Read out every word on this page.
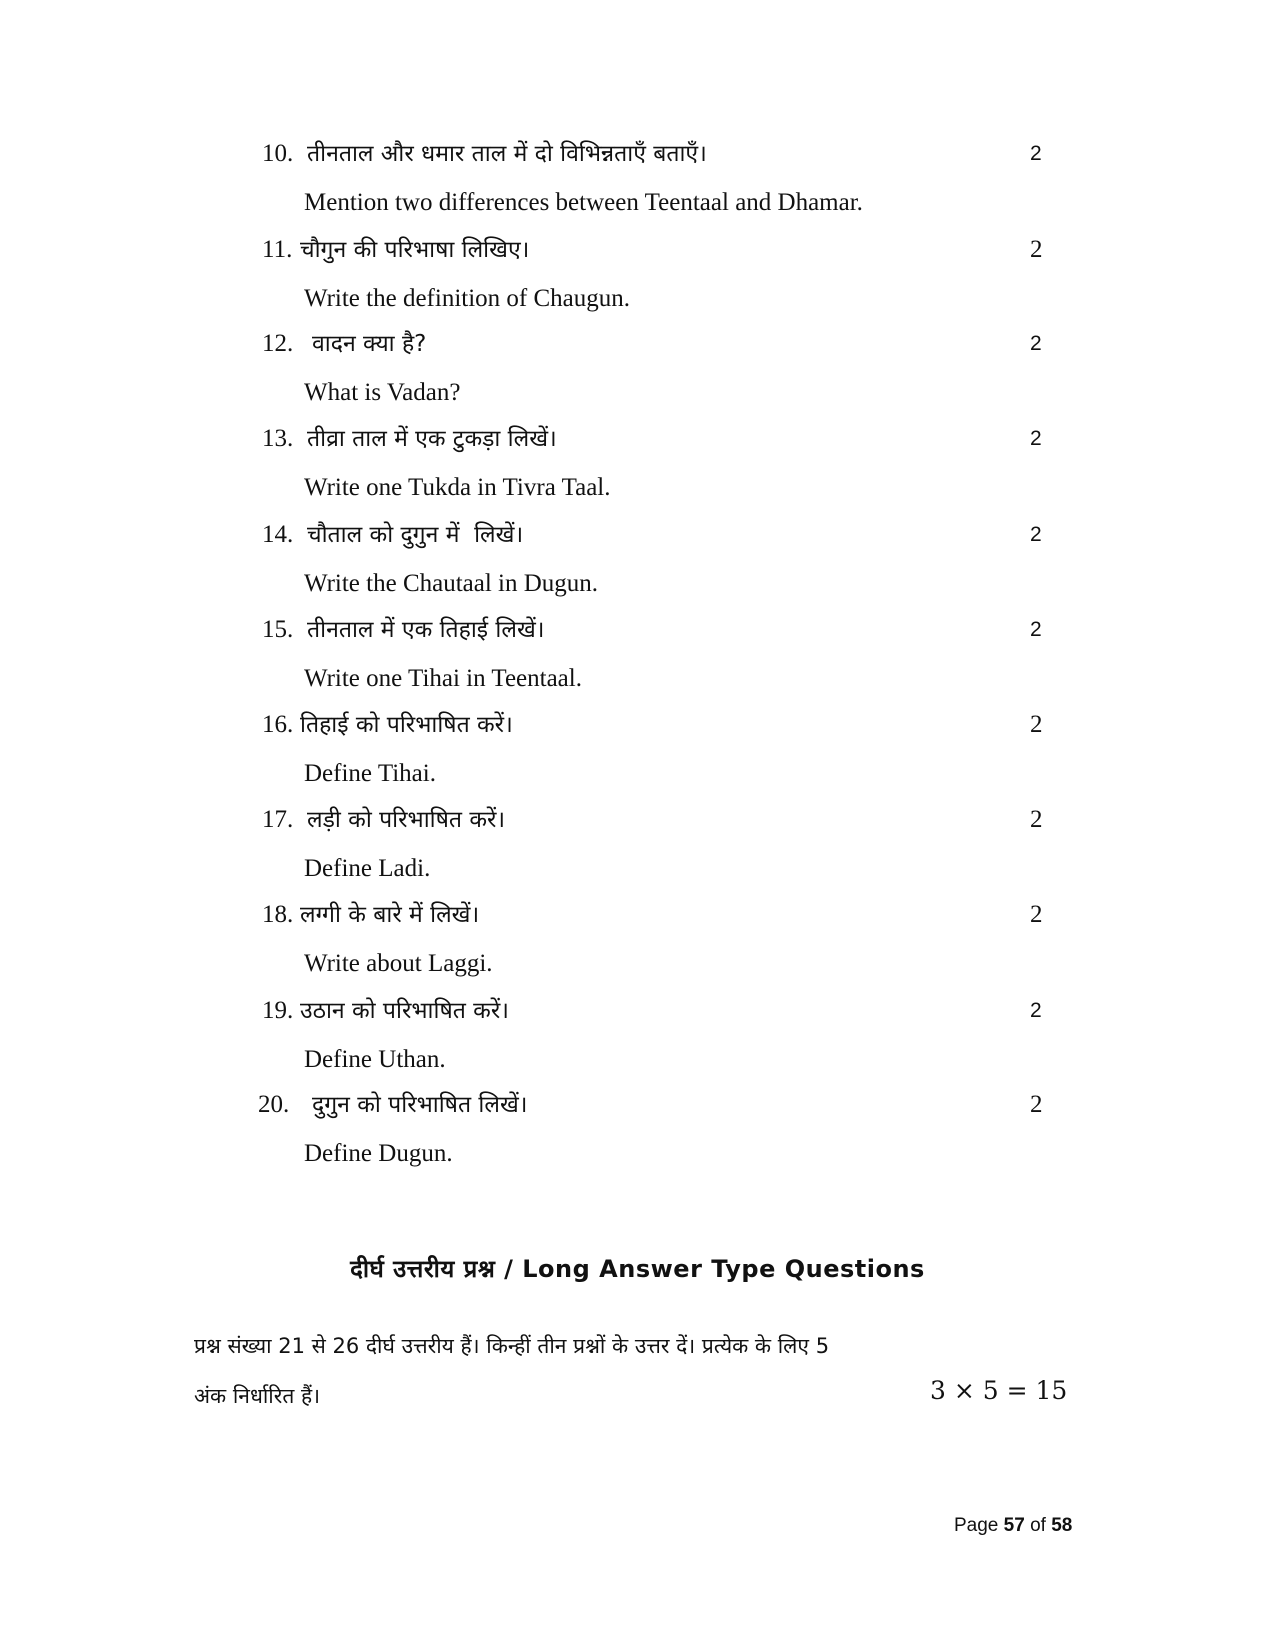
10. तीनताल और धमार ताल में दो विभिन्नताएँ बताएँ।	2
Mention two differences between Teentaal and Dhamar.
11. चौगुन की परिभाषा लिखिए।	2
Write the definition of Chaugun.
12. वादन क्या है?	2
What is Vadan?
13. तीव्रा ताल में एक टुकड़ा लिखें।	2
Write one Tukda in Tivra Taal.
14. चौताल को दुगुन में  लिखें।	2
Write the Chautaal in Dugun.
15. तीनताल में एक तिहाई लिखें।	2
Write one Tihai in Teentaal.
16. तिहाई को परिभाषित करें।	2
Define Tihai.
17. लड़ी को परिभाषित करें।	2
Define Ladi.
18. लग्गी के बारे में लिखें।	2
Write about Laggi.
19. उठान को परिभाषित करें।	2
Define Uthan.
20. दुगुन को परिभाषित लिखें।	2
Define Dugun.
दीर्घ उत्तरीय प्रश्न / Long Answer Type Questions
प्रश्न संख्या 21 से 26 दीर्घ उत्तरीय हैं। किन्हीं तीन प्रश्नों के उत्तर दें। प्रत्येक के लिए 5
अंक निर्धारित हैं।	3 × 5 = 15
Page 57 of 58
